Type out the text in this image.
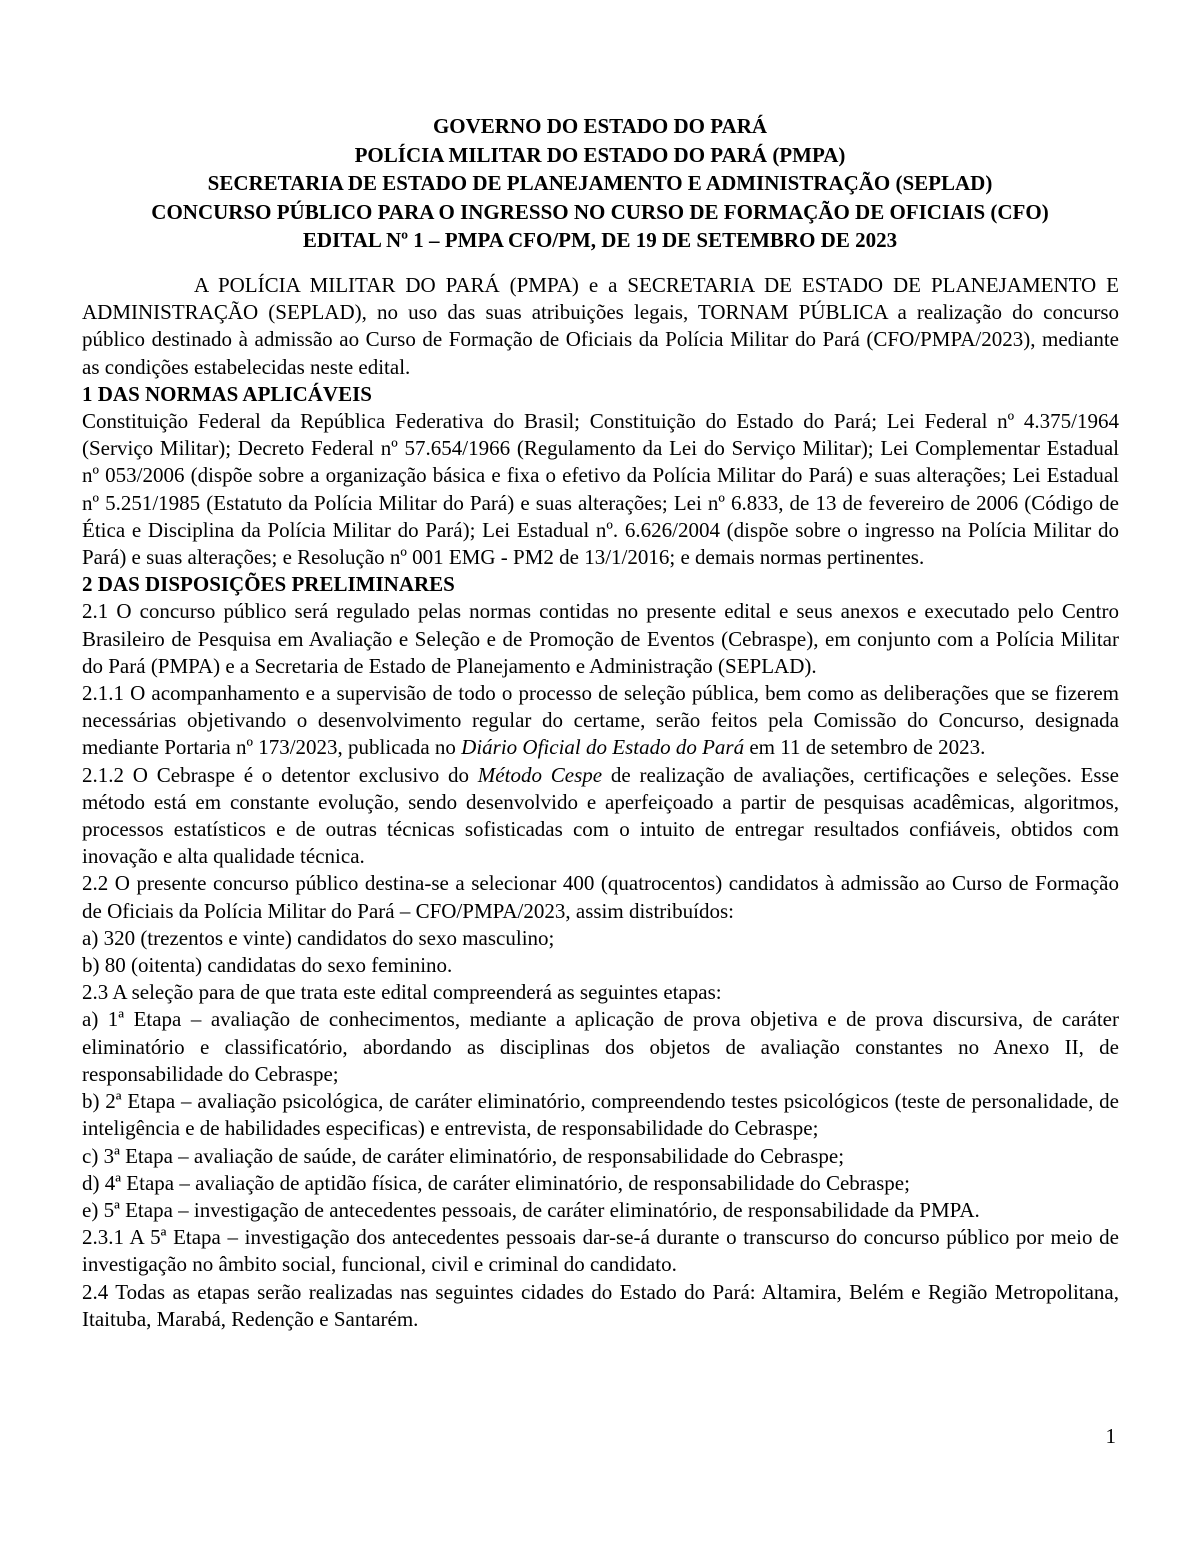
GOVERNO DO ESTADO DO PARÁ
POLÍCIA MILITAR DO ESTADO DO PARÁ (PMPA)
SECRETARIA DE ESTADO DE PLANEJAMENTO E ADMINISTRAÇÃO (SEPLAD)
CONCURSO PÚBLICO PARA O INGRESSO NO CURSO DE FORMAÇÃO DE OFICIAIS (CFO)
EDITAL Nº 1 – PMPA CFO/PM, DE 19 DE SETEMBRO DE 2023

A POLÍCIA MILITAR DO PARÁ (PMPA) e a SECRETARIA DE ESTADO DE PLANEJAMENTO E ADMINISTRAÇÃO (SEPLAD), no uso das suas atribuições legais, TORNAM PÚBLICA a realização do concurso público destinado à admissão ao Curso de Formação de Oficiais da Polícia Militar do Pará (CFO/PMPA/2023), mediante as condições estabelecidas neste edital.

1 DAS NORMAS APLICÁVEIS

Constituição Federal da República Federativa do Brasil; Constituição do Estado do Pará; Lei Federal nº 4.375/1964 (Serviço Militar); Decreto Federal nº 57.654/1966 (Regulamento da Lei do Serviço Militar); Lei Complementar Estadual nº 053/2006 (dispõe sobre a organização básica e fixa o efetivo da Polícia Militar do Pará) e suas alterações; Lei Estadual nº 5.251/1985 (Estatuto da Polícia Militar do Pará) e suas alterações; Lei nº 6.833, de 13 de fevereiro de 2006 (Código de Ética e Disciplina da Polícia Militar do Pará); Lei Estadual nº. 6.626/2004 (dispõe sobre o ingresso na Polícia Militar do Pará) e suas alterações; e Resolução nº 001 EMG - PM2 de 13/1/2016; e demais normas pertinentes.

2 DAS DISPOSIÇÕES PRELIMINARES

2.1 O concurso público será regulado pelas normas contidas no presente edital e seus anexos e executado pelo Centro Brasileiro de Pesquisa em Avaliação e Seleção e de Promoção de Eventos (Cebraspe), em conjunto com a Polícia Militar do Pará (PMPA) e a Secretaria de Estado de Planejamento e Administração (SEPLAD).

2.1.1 O acompanhamento e a supervisão de todo o processo de seleção pública, bem como as deliberações que se fizerem necessárias objetivando o desenvolvimento regular do certame, serão feitos pela Comissão do Concurso, designada mediante Portaria nº 173/2023, publicada no Diário Oficial do Estado do Pará em 11 de setembro de 2023.

2.1.2 O Cebraspe é o detentor exclusivo do Método Cespe de realização de avaliações, certificações e seleções. Esse método está em constante evolução, sendo desenvolvido e aperfeiçoado a partir de pesquisas acadêmicas, algoritmos, processos estatísticos e de outras técnicas sofisticadas com o intuito de entregar resultados confiáveis, obtidos com inovação e alta qualidade técnica.

2.2 O presente concurso público destina-se a selecionar 400 (quatrocentos) candidatos à admissão ao Curso de Formação de Oficiais da Polícia Militar do Pará – CFO/PMPA/2023, assim distribuídos:

a) 320 (trezentos e vinte) candidatos do sexo masculino;

b) 80 (oitenta) candidatas do sexo feminino.

2.3 A seleção para de que trata este edital compreenderá as seguintes etapas:

a) 1ª Etapa – avaliação de conhecimentos, mediante a aplicação de prova objetiva e de prova discursiva, de caráter eliminatório e classificatório, abordando as disciplinas dos objetos de avaliação constantes no Anexo II, de responsabilidade do Cebraspe;

b) 2ª Etapa – avaliação psicológica, de caráter eliminatório, compreendendo testes psicológicos (teste de personalidade, de inteligência e de habilidades especificas) e entrevista, de responsabilidade do Cebraspe;

c) 3ª Etapa – avaliação de saúde, de caráter eliminatório, de responsabilidade do Cebraspe;

d) 4ª Etapa – avaliação de aptidão física, de caráter eliminatório, de responsabilidade do Cebraspe;

e) 5ª Etapa – investigação de antecedentes pessoais, de caráter eliminatório, de responsabilidade da PMPA.

2.3.1 A 5ª Etapa – investigação dos antecedentes pessoais dar-se-á durante o transcurso do concurso público por meio de investigação no âmbito social, funcional, civil e criminal do candidato.

2.4 Todas as etapas serão realizadas nas seguintes cidades do Estado do Pará: Altamira, Belém e Região Metropolitana, Itaituba, Marabá, Redenção e Santarém.

1
